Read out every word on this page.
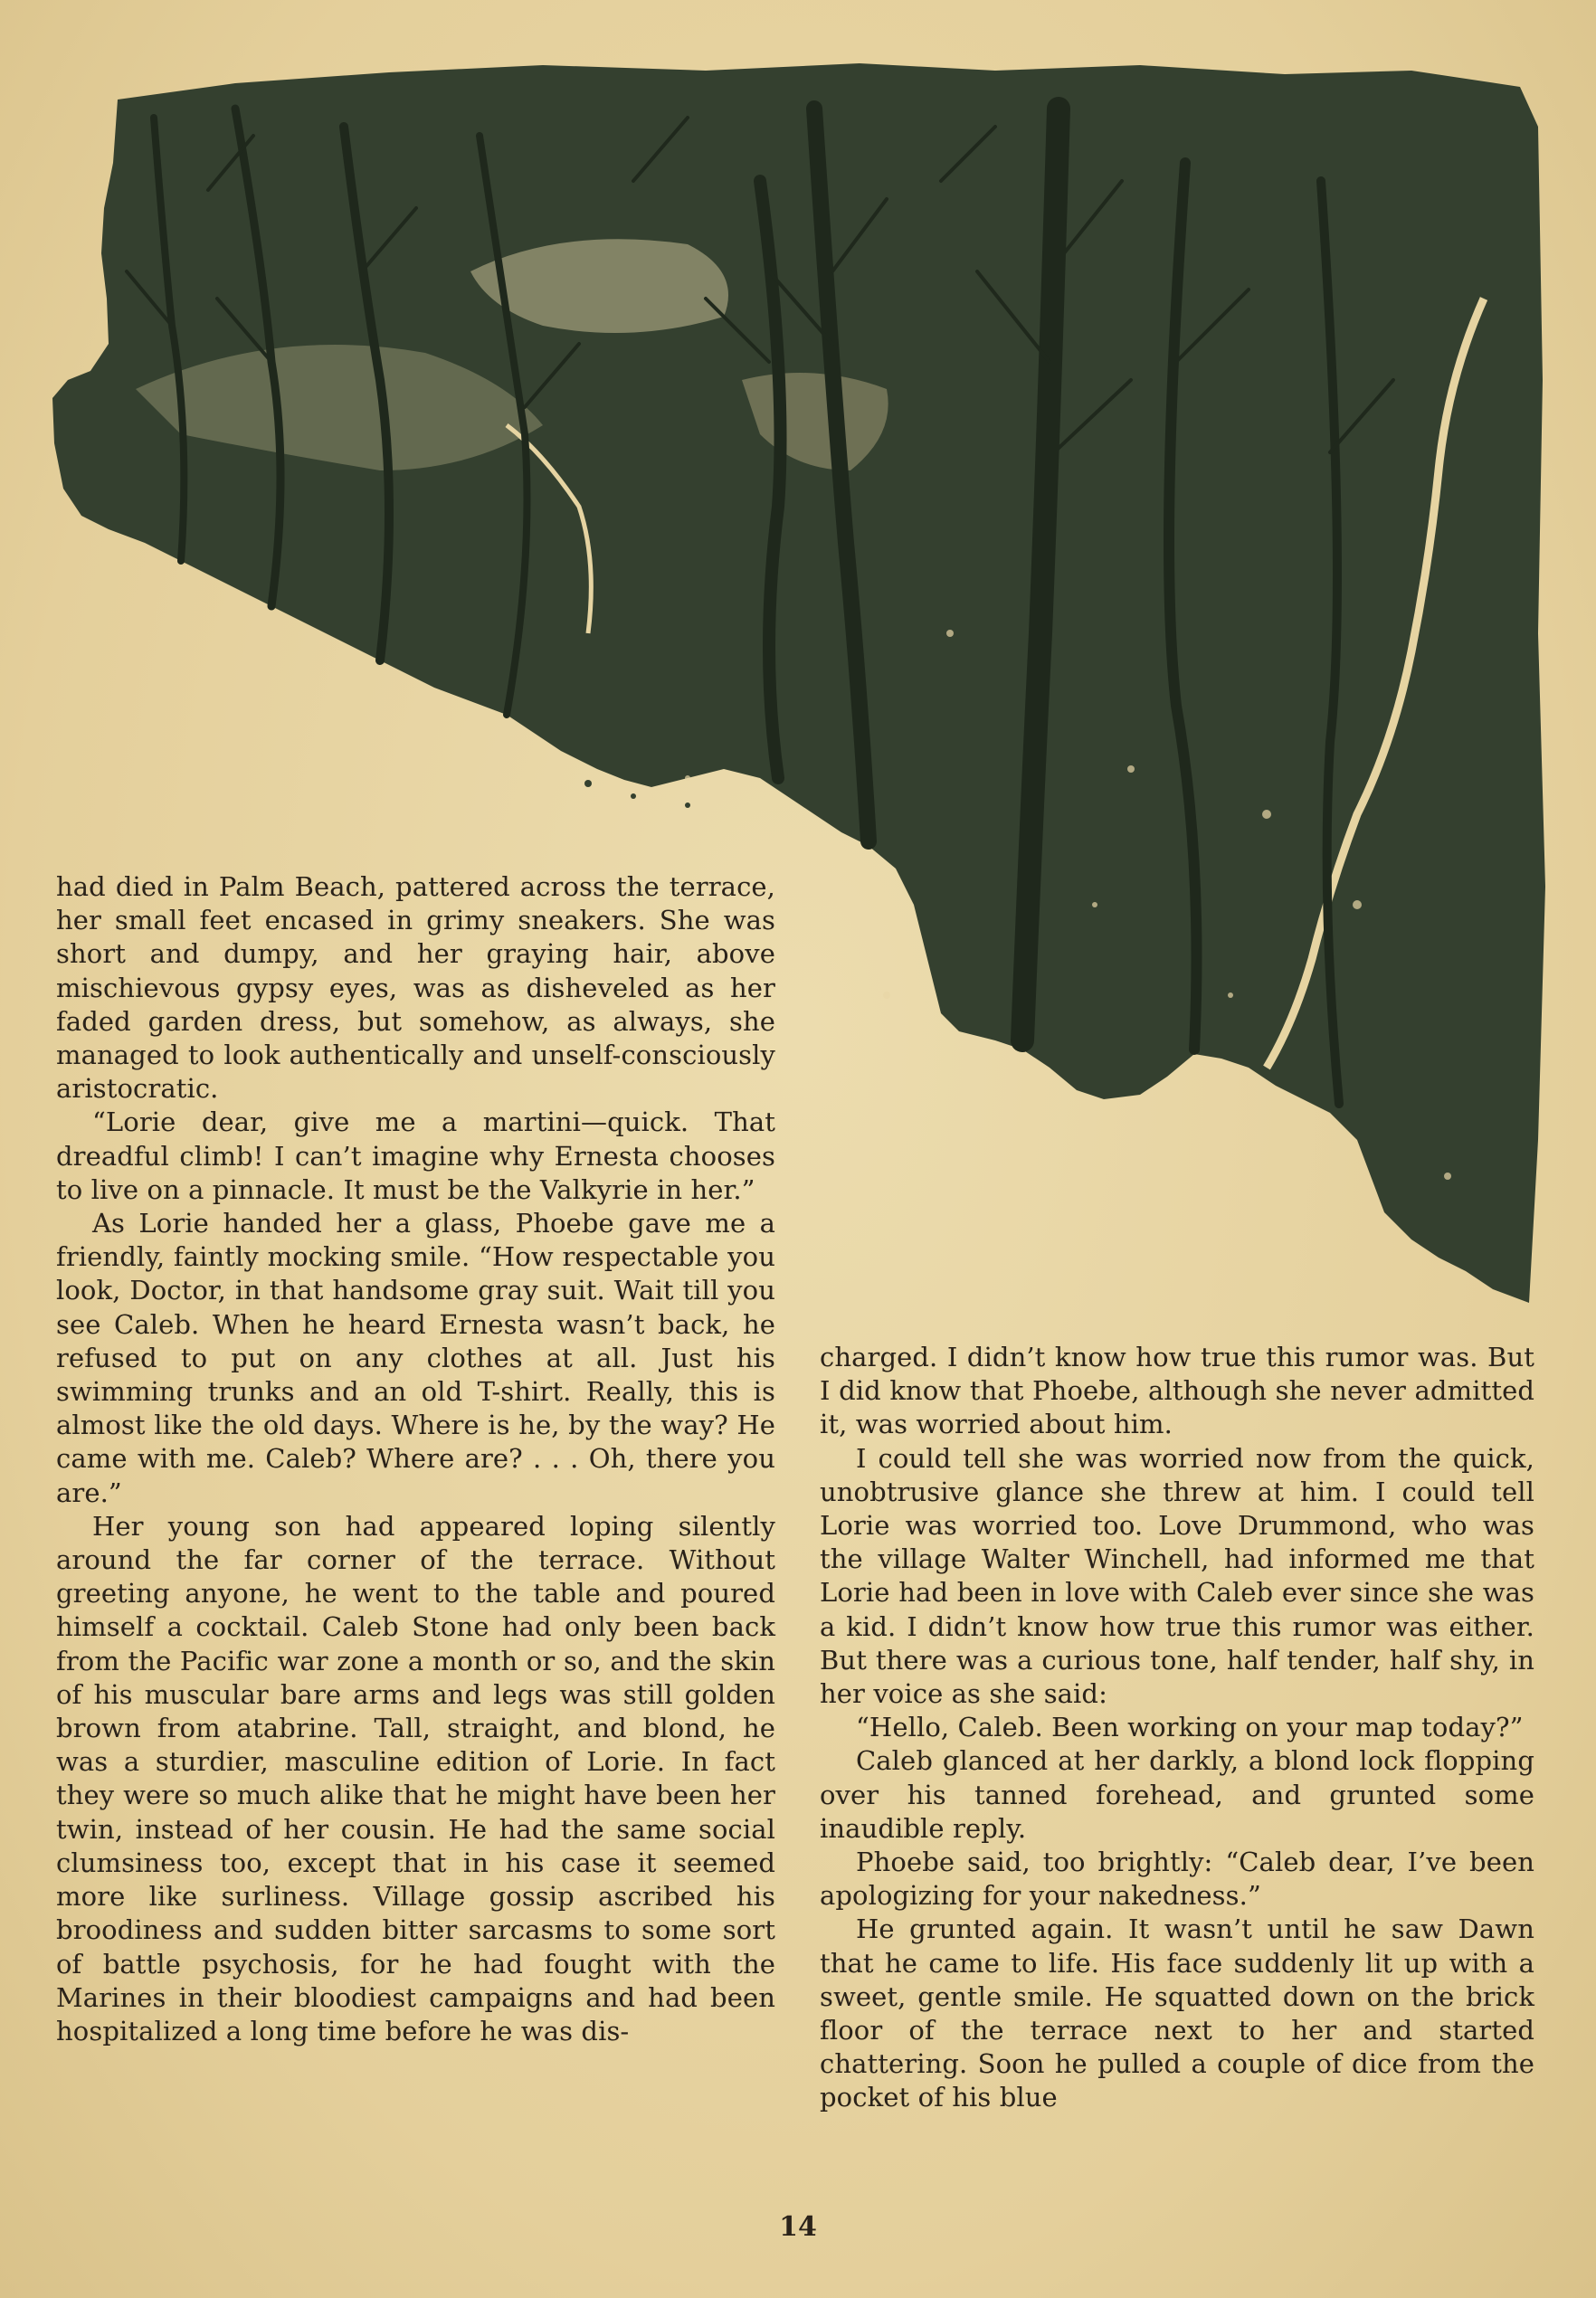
had died in Palm Beach, pattered across the terrace, her small feet encased in grimy sneakers. She was short and dumpy, and her graying hair, above mischievous gypsy eyes, was as disheveled as her faded garden dress, but somehow, as always, she managed to look authentically and unself-consciously aristocratic.

“Lorie dear, give me a martini—quick. That dreadful climb! I can’t imagine why Ernesta chooses to live on a pinnacle. It must be the Valkyrie in her.”

As Lorie handed her a glass, Phoebe gave me a friendly, faintly mocking smile. “How respectable you look, Doctor, in that handsome gray suit. Wait till you see Caleb. When he heard Ernesta wasn’t back, he refused to put on any clothes at all. Just his swimming trunks and an old T-shirt. Really, this is almost like the old days. Where is he, by the way? He came with me. Caleb? Where are? . . . Oh, there you are.”

Her young son had appeared loping silently around the far corner of the terrace. Without greeting anyone, he went to the table and poured himself a cocktail. Caleb Stone had only been back from the Pacific war zone a month or so, and the skin of his muscular bare arms and legs was still golden brown from atabrine. Tall, straight, and blond, he was a sturdier, masculine edition of Lorie. In fact they were so much alike that he might have been her twin, instead of her cousin. He had the same social clumsiness too, except that in his case it seemed more like surliness. Village gossip ascribed his broodiness and sudden bitter sarcasms to some sort of battle psychosis, for he had fought with the Marines in their bloodiest campaigns and had been hospitalized a long time before he was dis-

charged. I didn’t know how true this rumor was. But I did know that Phoebe, although she never admitted it, was worried about him.

I could tell she was worried now from the quick, unobtrusive glance she threw at him. I could tell Lorie was worried too. Love Drummond, who was the village Walter Winchell, had informed me that Lorie had been in love with Caleb ever since she was a kid. I didn’t know how true this rumor was either. But there was a curious tone, half tender, half shy, in her voice as she said:

“Hello, Caleb. Been working on your map today?”

Caleb glanced at her darkly, a blond lock flopping over his tanned forehead, and grunted some inaudible reply.

Phoebe said, too brightly: “Caleb dear, I’ve been apologizing for your nakedness.”

He grunted again. It wasn’t until he saw Dawn that he came to life. His face suddenly lit up with a sweet, gentle smile. He squatted down on the brick floor of the terrace next to her and started chattering. Soon he pulled a couple of dice from the pocket of his blue

14
